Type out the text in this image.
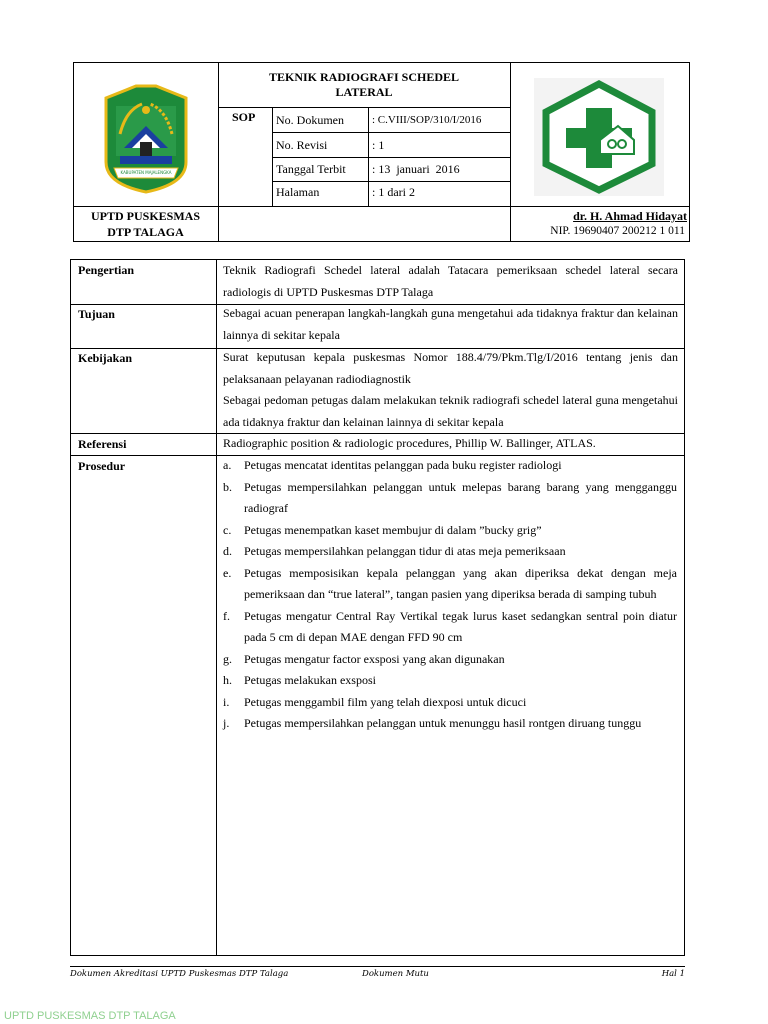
KABUPATEN MAJALENGKA
TEKNIK RADIOGRAFI SCHEDEL
LATERAL
SOP No. Dokumen	: C.VIII/SOP/310/I/2016
No. Revisi	: 1
Tanggal Terbit : 13  januari  2016
Halaman	: 1 dari 2
UPTD PUSKESMAS
DTP TALAGA
dr. H. Ahmad Hidayat
NIP. 19690407 200212 1 011
Pengertian	Teknik Radiografi Schedel lateral adalah Tatacara pemeriksaan schedel lateral secara radiologis di UPTD Puskesmas DTP Talaga
Tujuan	Sebagai acuan penerapan langkah-langkah guna mengetahui ada tidaknya fraktur dan kelainan lainnya di sekitar kepala
Kebijakan	Surat keputusan kepala puskesmas Nomor 188.4/79/Pkm.Tlg/I/2016 tentang jenis dan pelaksanaan pelayanan radiodiagnostik
Sebagai pedoman petugas dalam melakukan teknik radiografi schedel lateral guna mengetahui ada tidaknya fraktur dan kelainan lainnya di sekitar kepala
Referensi	Radiographic position & radiologic procedures, Phillip W. Ballinger, ATLAS.
Prosedur	a. Petugas mencatat identitas pelanggan pada buku register radiologi
b. Petugas mempersilahkan pelanggan untuk melepas barang barang yang mengganggu radiograf
c. Petugas menempatkan kaset membujur di dalam ”bucky grig”
d. Petugas mempersilahkan pelanggan tidur di atas meja pemeriksaan
e. Petugas memposisikan kepala pelanggan yang akan diperiksa dekat dengan meja pemeriksaan dan “true lateral”, tangan pasien yang diperiksa berada di samping tubuh
f. Petugas mengatur Central Ray Vertikal tegak lurus kaset sedangkan sentral poin diatur pada 5 cm di depan MAE dengan FFD 90 cm
g. Petugas mengatur factor exsposi yang akan digunakan
h. Petugas melakukan exsposi
i. Petugas menggambil film yang telah diexposi untuk dicuci
j. Petugas mempersilahkan pelanggan untuk menunggu hasil rontgen diruang tunggu
Dokumen Akreditasi UPTD Puskesmas DTP Talaga	Dokumen Mutu	Hal 1
UPTD PUSKESMAS DTP TALAGA
